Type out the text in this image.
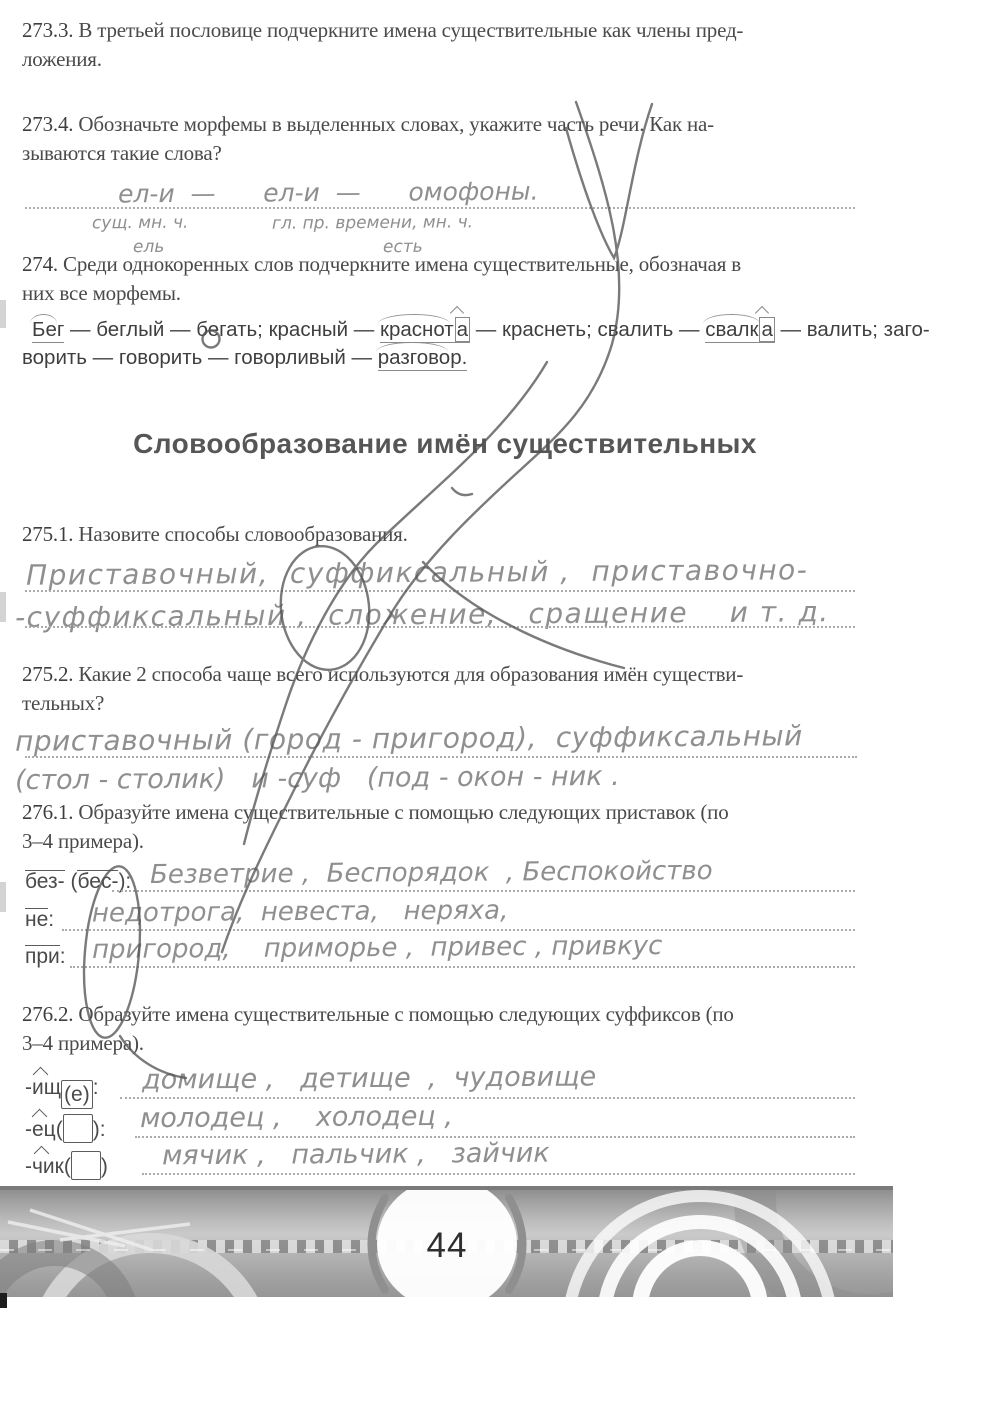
273.3. В третьей пословице подчеркните имена существительные как члены пред-
ложения.
273.4. Обозначьте морфемы в выделенных словах, укажите часть речи. Как на-
зываются такие слова?
ел-и  —      ел-и  —      омофоны.
сущ. мн. ч.
ель
гл. пр. времени, мн. ч.
есть
274. Среди однокоренных слов подчеркните имена существительные, обозначая в
них все морфемы.
Бег — беглый — бегать; красный — краснот а — краснеть; свалить — свалк а — валить; заго-
ворить — говорить — говорливый — разговор.
Словообразование имён существительных
275.1. Назовите способы словообразования.
Приставочный,  суффиксальный ,  приставочно-
-суффиксальный ,  сложение,   сращение    и т. д.
275.2. Какие 2 способа чаще всего используются для образования имён существи-
тельных?
приставочный (город - пригород),  суффиксальный
(стол - столик)   и -суф   (под - окон - ник .
276.1. Образуйте имена существительные с помощью следующих приставок (по
3–4 примера).
без- (бес-): Безветрие ,  Беспорядок  , Беспокойство
не: недотрога,  невеста,   неряха,
при: пригород,    приморье ,  привес , привкус
276.2. Образуйте имена существительные с помощью следующих суффиксов (по
3–4 примера).
-ищ (е) : домище ,   детище  ,  чудовище
-ец( ): молодец ,    холодец ,
-чик( ) мячик ,   пальчик ,   зайчик
44
